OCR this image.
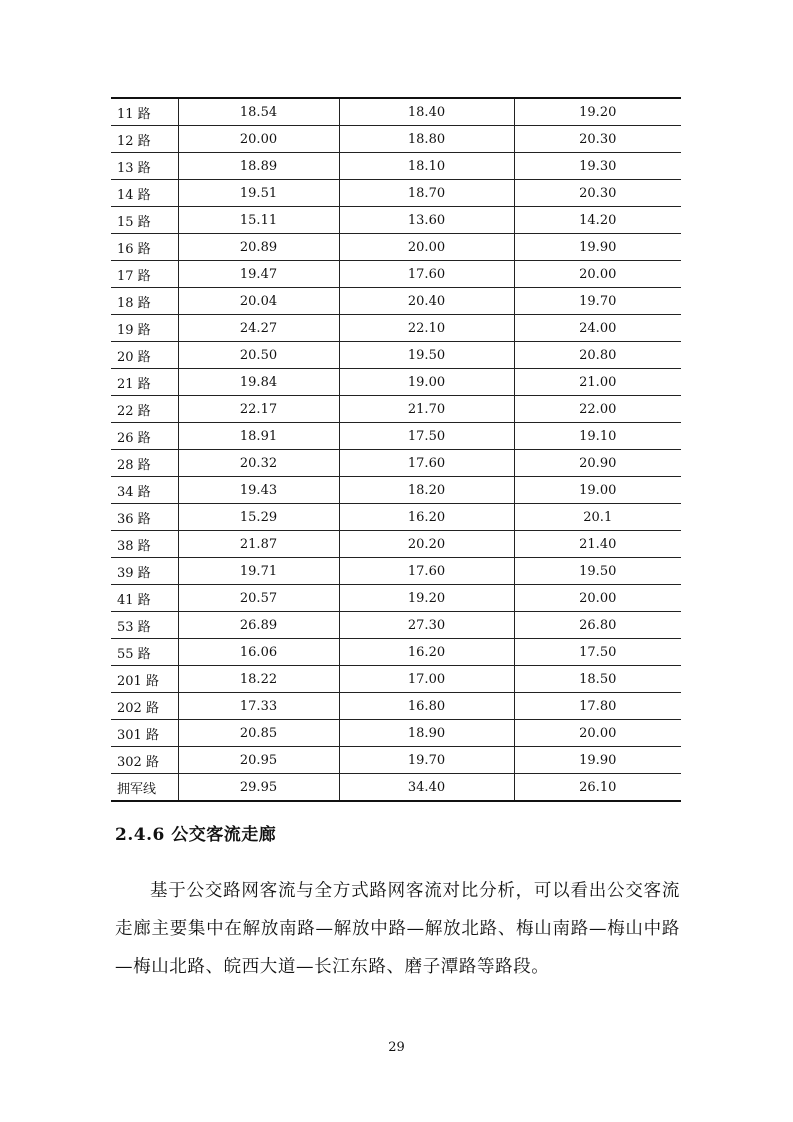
11 路	18.54	18.40	19.20
12 路	20.00	18.80	20.30
13 路	18.89	18.10	19.30
14 路	19.51	18.70	20.30
15 路	15.11	13.60	14.20
16 路	20.89	20.00	19.90
17 路	19.47	17.60	20.00
18 路	20.04	20.40	19.70
19 路	24.27	22.10	24.00
20 路	20.50	19.50	20.80
21 路	19.84	19.00	21.00
22 路	22.17	21.70	22.00
26 路	18.91	17.50	19.10
28 路	20.32	17.60	20.90
34 路	19.43	18.20	19.00
36 路	15.29	16.20	20.1
38 路	21.87	20.20	21.40
39 路	19.71	17.60	19.50
41 路	20.57	19.20	20.00
53 路	26.89	27.30	26.80
55 路	16.06	16.20	17.50
201 路	18.22	17.00	18.50
202 路	17.33	16.80	17.80
301 路	20.85	18.90	20.00
302 路	20.95	19.70	19.90
拥军线	29.95	34.40	26.10
2.4.6 公交客流走廊
基于公交路网客流与全方式路网客流对比分析，可以看出公交客流走廊主要集中在解放南路—解放中路—解放北路、梅山南路—梅山中路—梅山北路、皖西大道—长江东路、磨子潭路等路段。
29
